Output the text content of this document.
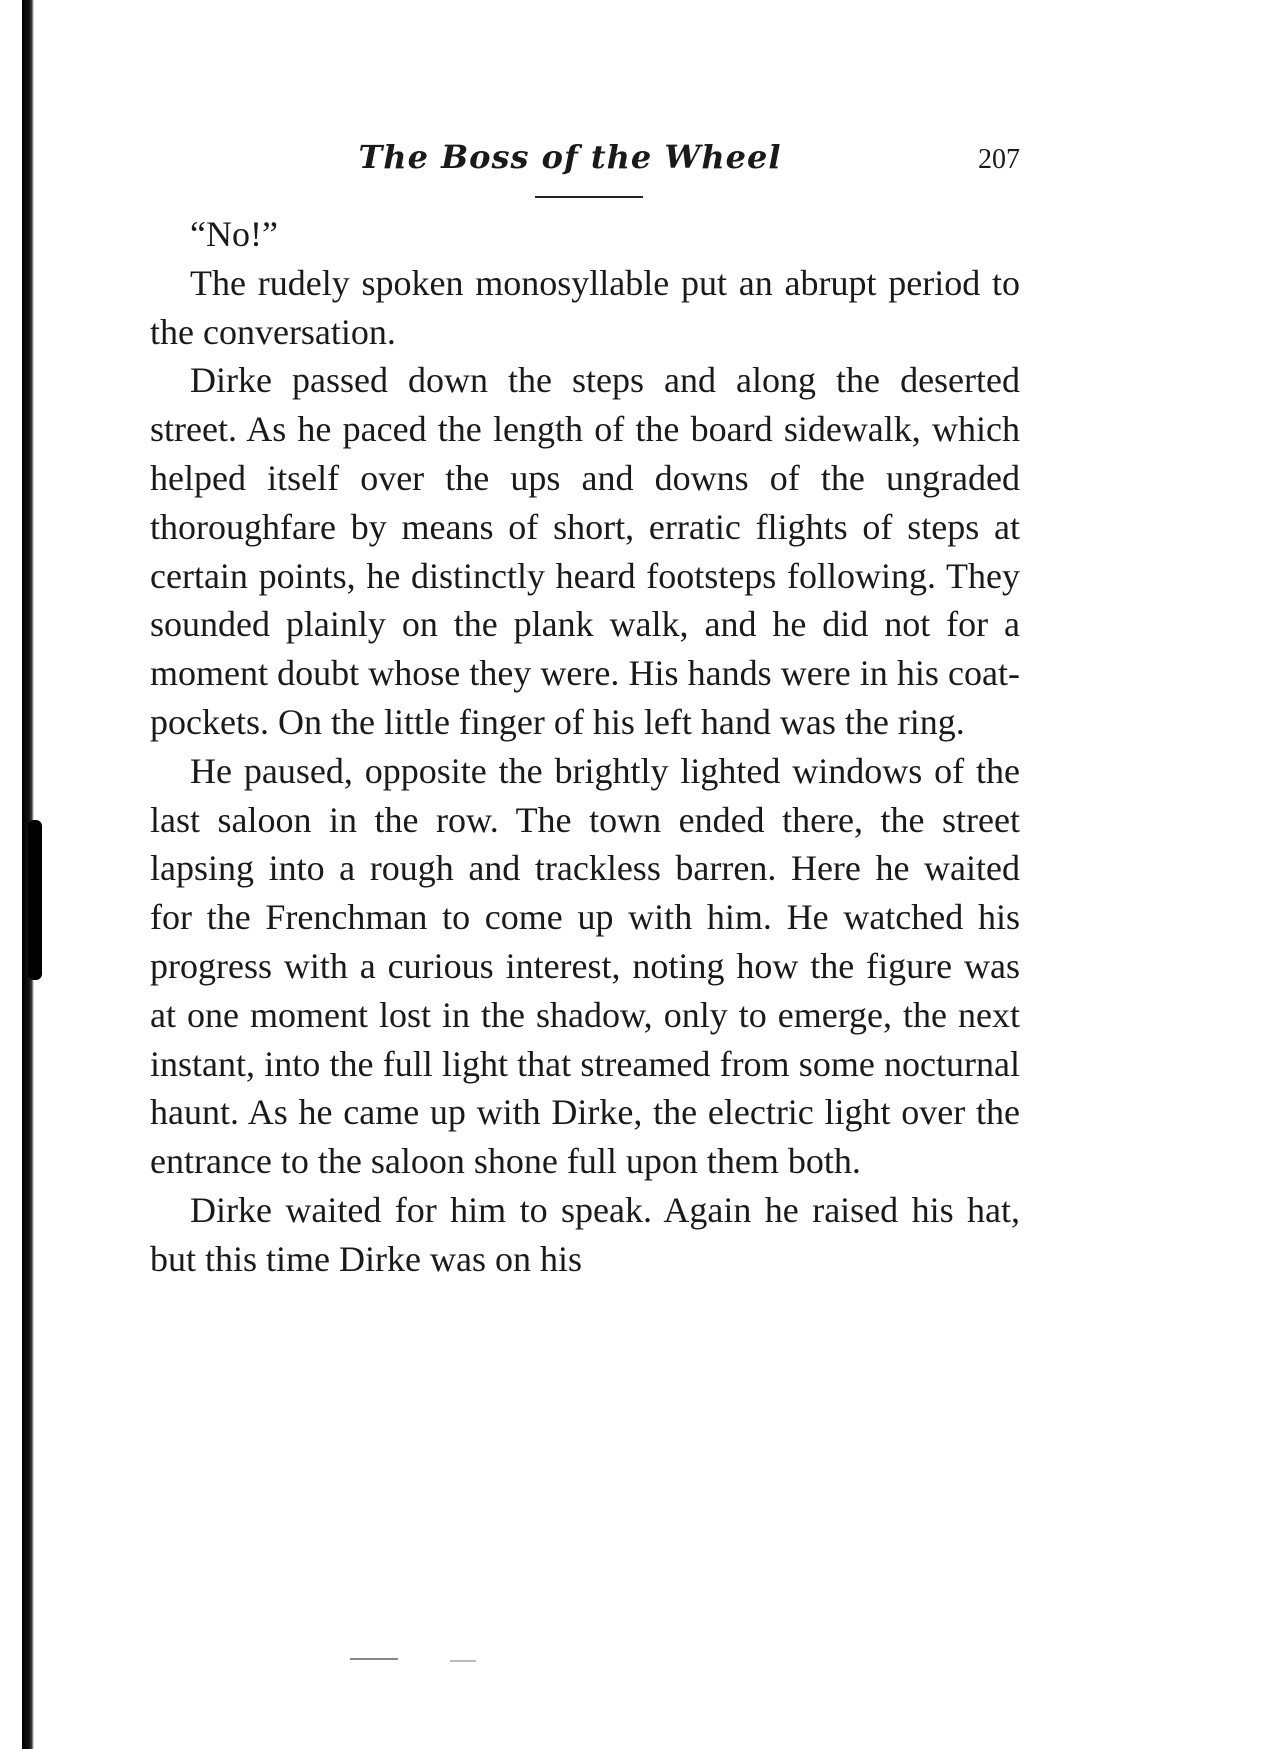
The Boss of the Wheel	207

“No!”

The rudely spoken monosyllable put an abrupt period to the conversation.

Dirke passed down the steps and along the deserted street. As he paced the length of the board sidewalk, which helped itself over the ups and downs of the ungraded thoroughfare by means of short, erratic flights of steps at certain points, he distinctly heard footsteps following. They sounded plainly on the plank walk, and he did not for a moment doubt whose they were. His hands were in his coat-pockets. On the little finger of his left hand was the ring.

He paused, opposite the brightly lighted windows of the last saloon in the row. The town ended there, the street lapsing into a rough and trackless barren. Here he waited for the Frenchman to come up with him. He watched his progress with a curious interest, noting how the figure was at one moment lost in the shadow, only to emerge, the next instant, into the full light that streamed from some nocturnal haunt. As he came up with Dirke, the electric light over the entrance to the saloon shone full upon them both.

Dirke waited for him to speak. Again he raised his hat, but this time Dirke was on his
